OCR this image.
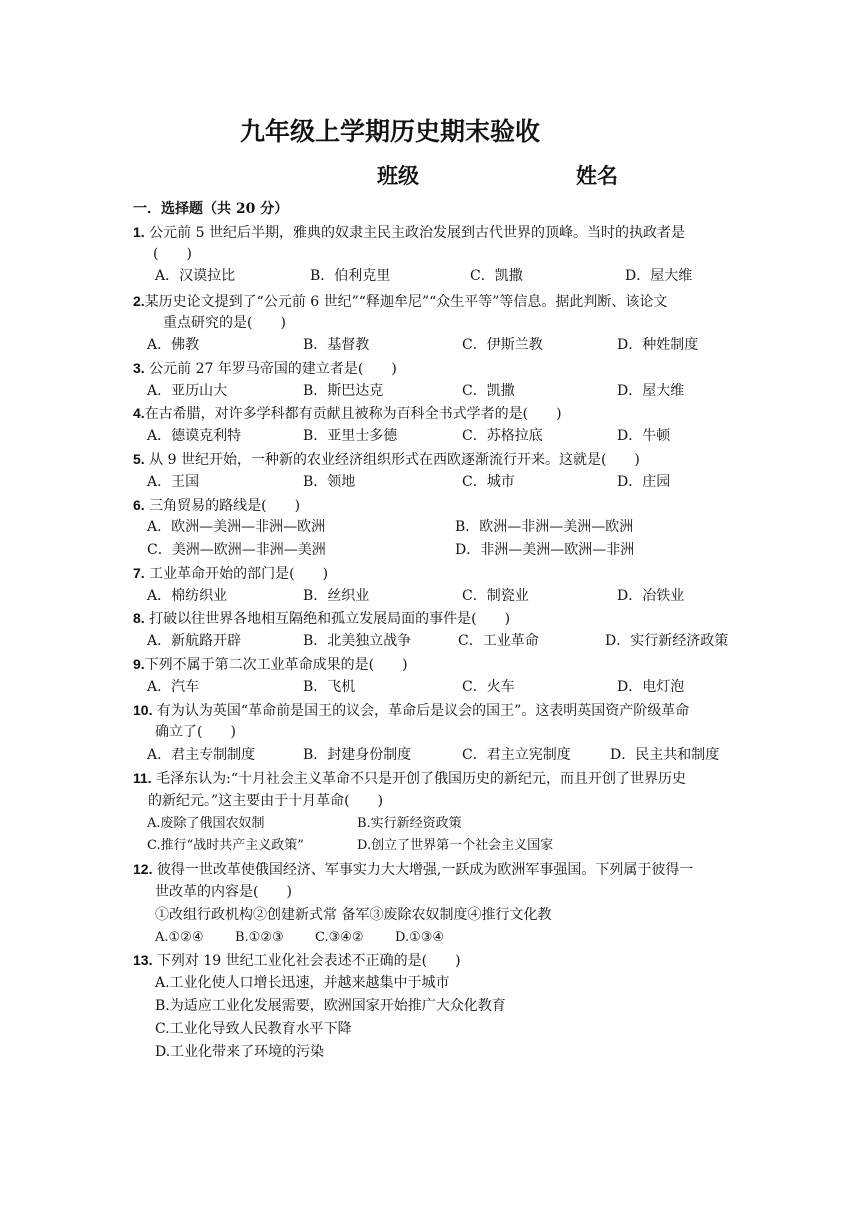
九年级上学期历史期末验收
班级	姓名
一．选择题（共 20 分）
1. 公元前 5 世纪后半期，雅典的奴隶主民主政治发展到古代世界的顶峰。当时的执政者是
(　　)
A．汉谟拉比	B．伯利克里	C．凯撒	D．屋大维
2.某历史论文提到了“公元前 6 世纪”“释迦牟尼”“众生平等”等信息。据此判断、该论文
重点研究的是(　　)
A．佛教	B．基督教	C．伊斯兰教	D．种姓制度
3. 公元前 27 年罗马帝国的建立者是(　　)
A．亚历山大	B．斯巴达克	C．凯撒	D．屋大维
4.在古希腊，对许多学科都有贡献且被称为百科全书式学者的是(　　)
A．德谟克利特	B．亚里士多德	C．苏格拉底	D．牛顿
5. 从 9 世纪开始，一种新的农业经济组织形式在西欧逐渐流行开来。这就是(　　)
A．王国	B．领地	C．城市	D．庄园
6. 三角贸易的路线是(　　)
A．欧洲—美洲—非洲—欧洲	B．欧洲—非洲—美洲—欧洲
C．美洲—欧洲—非洲—美洲	D．非洲—美洲—欧洲—非洲
7. 工业革命开始的部门是(　　)
A．棉纺织业	B．丝织业	C．制瓷业	D．冶铁业
8. 打破以往世界各地相互隔绝和孤立发展局面的事件是(　　)
A．新航路开辟	B．北美独立战争	C．工业革命	D．实行新经济政策
9.下列不属于第二次工业革命成果的是(　　)
A．汽车	B．飞机	C．火车	D．电灯泡
10. 有为认为英国“革命前是国王的议会，革命后是议会的国王”。这表明英国资产阶级革命
确立了(　　)
A．君主专制制度	B．封建身份制度	C．君主立宪制度	D．民主共和制度
11. 毛泽东认为:“十月社会主义革命不只是开创了俄国历史的新纪元，而且开创了世界历史
的新纪元。”这主要由于十月革命(　　)
A.废除了俄国农奴制	B.实行新经资政策
C.推行“战时共产主义政策”	D.创立了世界第一个社会主义国家
12. 彼得一世改革使俄国经济、军事实力大大增强,一跃成为欧洲军事强国。下列属于彼得一
世改革的内容是(　　)
①改组行政机构②创建新式常 备军③废除农奴制度④推行文化教
A.①②④ B.①②③ C.③④② D.①③④
13. 下列对 19 世纪工业化社会表述不正确的是(　　)
A.工业化使人口增长迅速，并越来越集中于城市
B.为适应工业化发展需要，欧洲国家开始推广大众化教育
C.工业化导致人民教育水平下降
D.工业化带来了环境的污染
